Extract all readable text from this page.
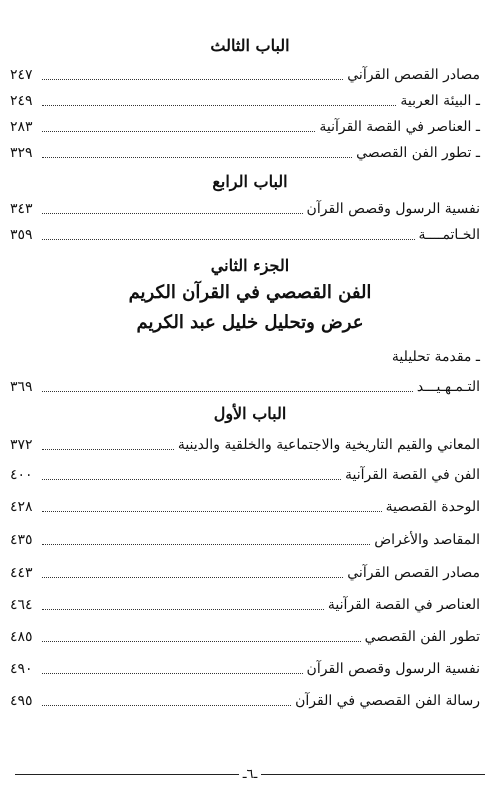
الباب الثالث
مصادر القصص القرآني
٢٤٧
ـ البيئة العربية
٢٤٩
ـ العناصر في القصة القرآنية
٢٨٣
ـ تطور الفن القصصي
٣٢٩
الباب الرابع
نفسية الرسول وقصص القرآن
٣٤٣
الخـاتمــــة
٣٥٩
الجزء الثاني
الفن القصصي في القرآن الكريم
عرض وتحليل خليل عبد الكريم
ـ مقدمة تحليلية
التـمـهـيـــد
٣٦٩
الباب الأول
المعاني والقيم التاريخية والاجتماعية والخلقية والدينية
٣٧٢
الفن في القصة القرآنية
٤٠٠
الوحدة القصصية
٤٢٨
المقاصد والأغراض
٤٣٥
مصادر القصص القرآني
٤٤٣
العناصر في القصة القرآنية
٤٦٤
تطور الفن القصصي
٤٨٥
نفسية الرسول وقصص القرآن
٤٩٠
رسالة الفن القصصي في القرآن
٤٩٥
ـ٦ـ
